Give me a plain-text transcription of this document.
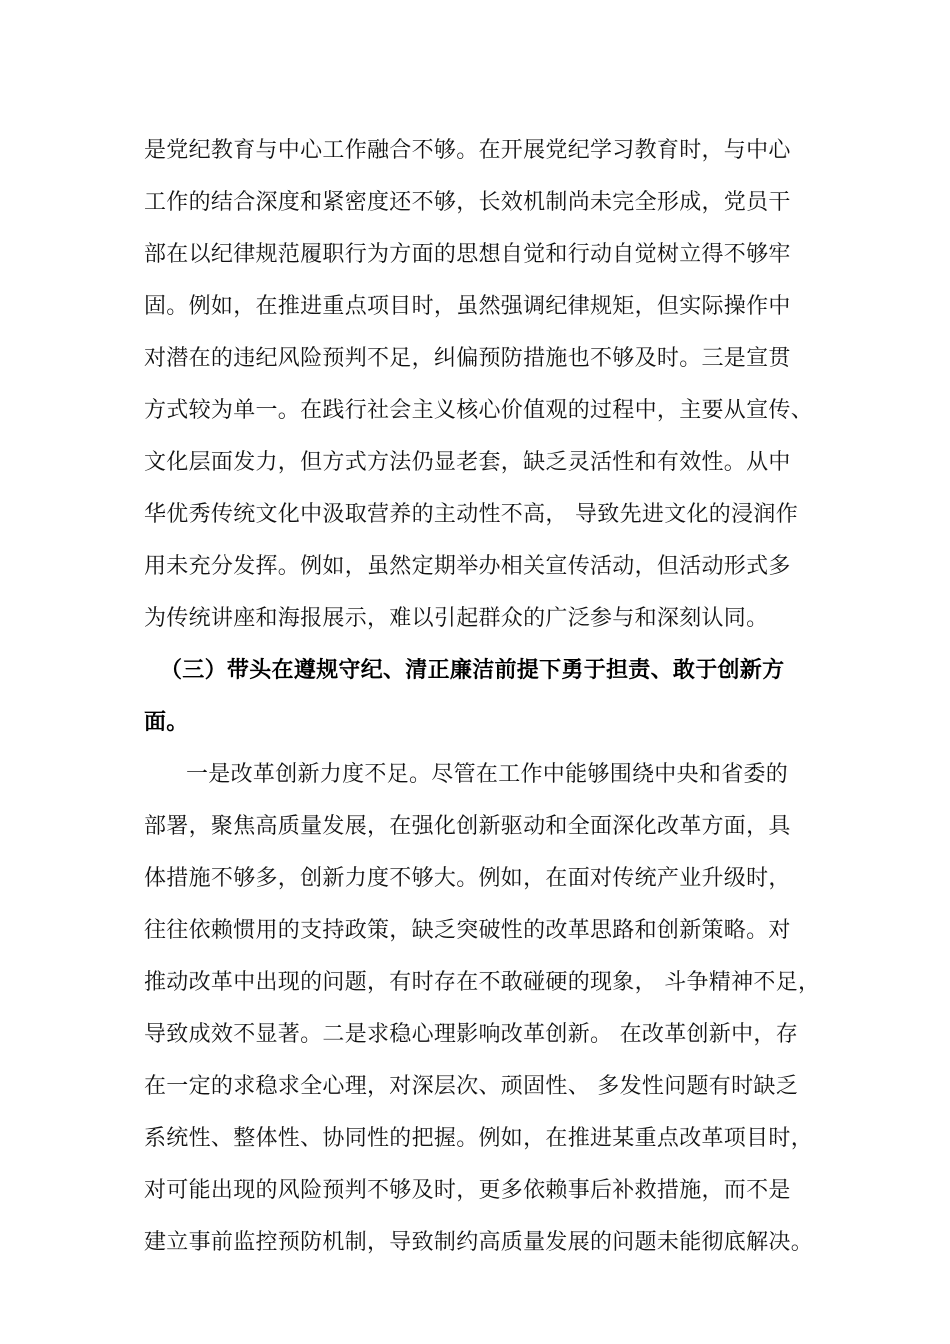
是党纪教育与中心工作融合不够。在开展党纪学习教育时，与中心
工作的结合深度和紧密度还不够，长效机制尚未完全形成，党员干
部在以纪律规范履职行为方面的思想自觉和行动自觉树立得不够牢
固。例如，在推进重点项目时，虽然强调纪律规矩，但实际操作中
对潜在的违纪风险预判不足，纠偏预防措施也不够及时。三是宣贯
方式较为单一。在践行社会主义核心价值观的过程中，主要从宣传、
文化层面发力，但方式方法仍显老套，缺乏灵活性和有效性。从中
华优秀传统文化中汲取营养的主动性不高， 导致先进文化的浸润作
用未充分发挥。例如，虽然定期举办相关宣传活动，但活动形式多
为传统讲座和海报展示，难以引起群众的广泛参与和深刻认同。
（三）带头在遵规守纪、清正廉洁前提下勇于担责、敢于创新方
面。
一是改革创新力度不足。尽管在工作中能够围绕中央和省委的
部署，聚焦高质量发展，在强化创新驱动和全面深化改革方面，具
体措施不够多，创新力度不够大。例如，在面对传统产业升级时，
往往依赖惯用的支持政策，缺乏突破性的改革思路和创新策略。对
推动改革中出现的问题，有时存在不敢碰硬的现象， 斗争精神不足，
导致成效不显著。二是求稳心理影响改革创新。 在改革创新中，存
在一定的求稳求全心理，对深层次、顽固性、 多发性问题有时缺乏
系统性、整体性、协同性的把握。例如，在推进某重点改革项目时，
对可能出现的风险预判不够及时，更多依赖事后补救措施，而不是
建立事前监控预防机制，导致制约高质量发展的问题未能彻底解决。
